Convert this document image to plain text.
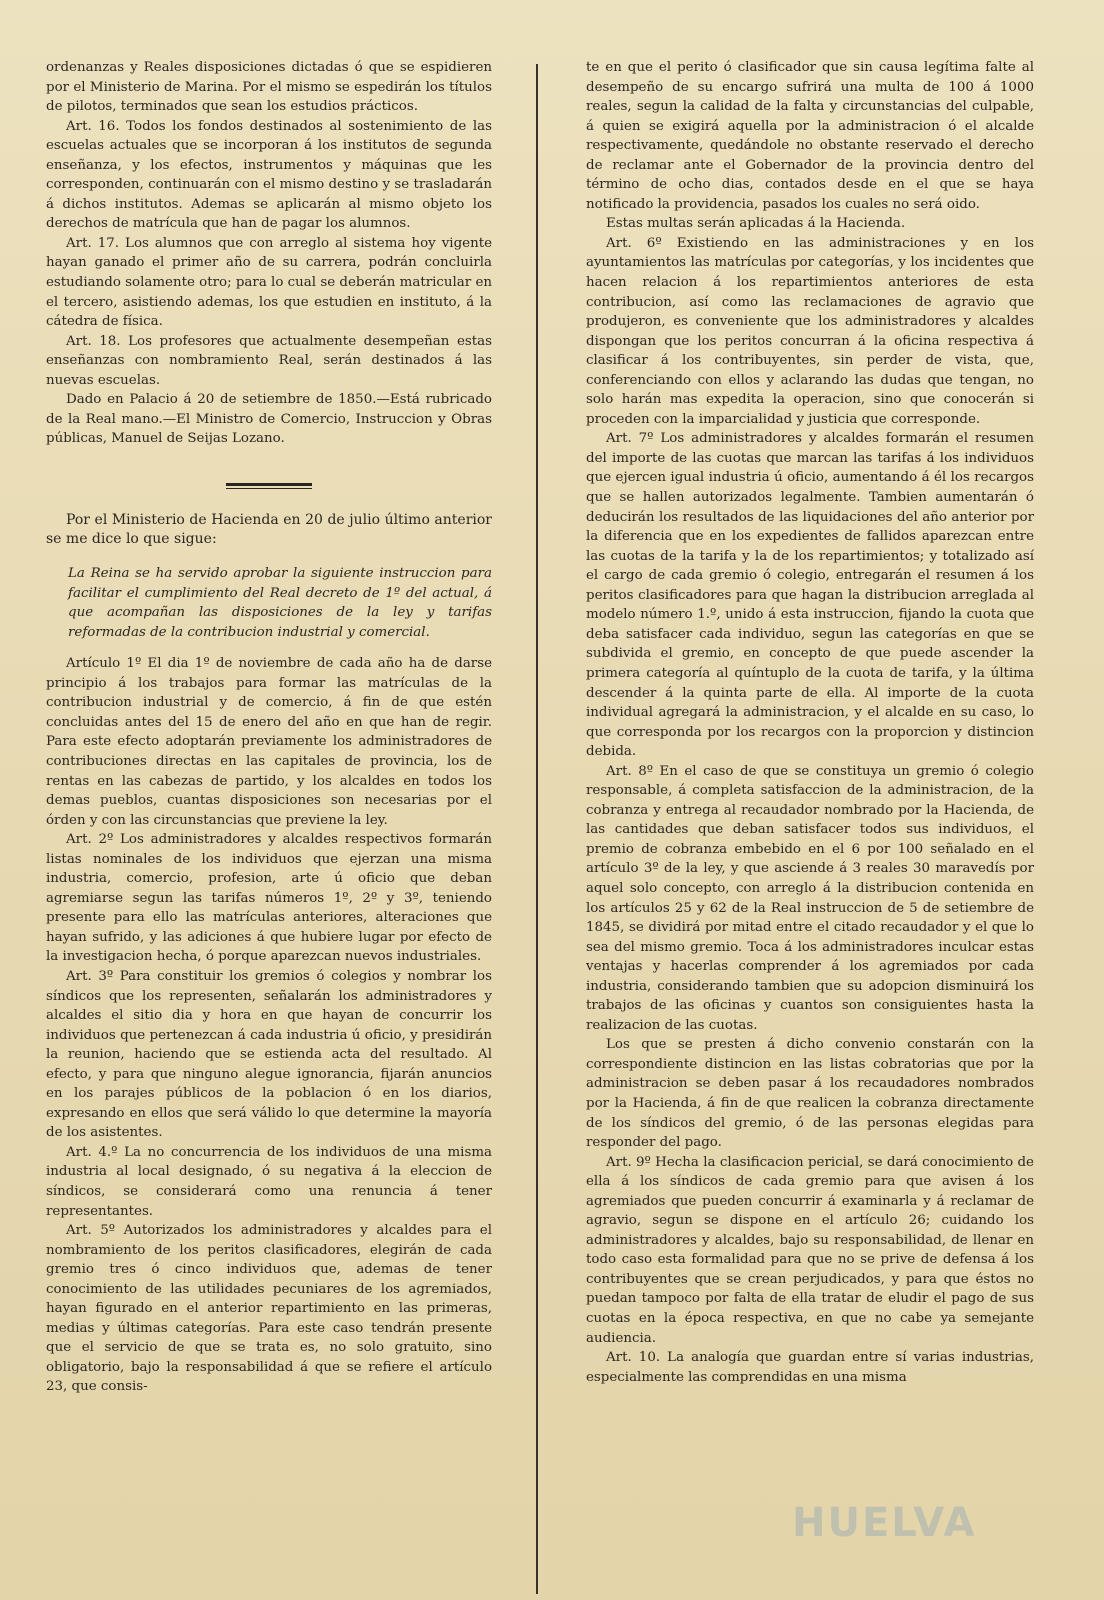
ordenanzas y Reales disposiciones dictadas ó que se espidieren por el Ministerio de Marina. Por el mismo se espedirán los títulos de pilotos, terminados que sean los estudios prácticos.

Art. 16. Todos los fondos destinados al sostenimiento de las escuelas actuales que se incorporan á los institutos de segunda enseñanza, y los efectos, instrumentos y máquinas que les corresponden, continuarán con el mismo destino y se trasladarán á dichos institutos. Ademas se aplicarán al mismo objeto los derechos de matrícula que han de pagar los alumnos.

Art. 17. Los alumnos que con arreglo al sistema hoy vigente hayan ganado el primer año de su carrera, podrán concluirla estudiando solamente otro; para lo cual se deberán matricular en el tercero, asistiendo ademas, los que estudien en instituto, á la cátedra de física.

Art. 18. Los profesores que actualmente desempeñan estas enseñanzas con nombramiento Real, serán destinados á las nuevas escuelas.

Dado en Palacio á 20 de setiembre de 1850.—Está rubricado de la Real mano.—El Ministro de Comercio, Instruccion y Obras públicas, Manuel de Seijas Lozano.

Por el Ministerio de Hacienda en 20 de julio último anterior se me dice lo que sigue:

La Reina se ha servido aprobar la siguiente instruccion para facilitar el cumplimiento del Real decreto de 1º del actual, á que acompañan las disposiciones de la ley y tarifas reformadas de la contribucion industrial y comercial.

Artículo 1º El dia 1º de noviembre de cada año ha de darse principio á los trabajos para formar las matrículas de la contribucion industrial y de comercio, á fin de que estén concluidas antes del 15 de enero del año en que han de regir. Para este efecto adoptarán previamente los administradores de contribuciones directas en las capitales de provincia, los de rentas en las cabezas de partido, y los alcaldes en todos los demas pueblos, cuantas disposiciones son necesarias por el órden y con las circunstancias que previene la ley.

Art. 2º Los administradores y alcaldes respectivos formarán listas nominales de los individuos que ejerzan una misma industria, comercio, profesion, arte ú oficio que deban agremiarse segun las tarifas números 1º, 2º y 3º, teniendo presente para ello las matrículas anteriores, alteraciones que hayan sufrido, y las adiciones á que hubiere lugar por efecto de la investigacion hecha, ó porque aparezcan nuevos industriales.

Art. 3º Para constituir los gremios ó colegios y nombrar los síndicos que los representen, señalarán los administradores y alcaldes el sitio dia y hora en que hayan de concurrir los individuos que pertenezcan á cada industria ú oficio, y presidirán la reunion, haciendo que se estienda acta del resultado. Al efecto, y para que ninguno alegue ignorancia, fijarán anuncios en los parajes públicos de la poblacion ó en los diarios, expresando en ellos que será válido lo que determine la mayoría de los asistentes.

Art. 4.º La no concurrencia de los individuos de una misma industria al local designado, ó su negativa á la eleccion de síndicos, se considerará como una renuncia á tener representantes.

Art. 5º Autorizados los administradores y alcaldes para el nombramiento de los peritos clasificadores, elegirán de cada gremio tres ó cinco individuos que, ademas de tener conocimiento de las utilidades pecuniares de los agremiados, hayan figurado en el anterior repartimiento en las primeras, medias y últimas categorías. Para este caso tendrán presente que el servicio de que se trata es, no solo gratuito, sino obligatorio, bajo la responsabilidad á que se refiere el artículo 23, que consis-

te en que el perito ó clasificador que sin causa legítima falte al desempeño de su encargo sufrirá una multa de 100 á 1000 reales, segun la calidad de la falta y circunstancias del culpable, á quien se exigirá aquella por la administracion ó el alcalde respectivamente, quedándole no obstante reservado el derecho de reclamar ante el Gobernador de la provincia dentro del término de ocho dias, contados desde en el que se haya notificado la providencia, pasados los cuales no será oido.

Estas multas serán aplicadas á la Hacienda.

Art. 6º Existiendo en las administraciones y en los ayuntamientos las matrículas por categorías, y los incidentes que hacen relacion á los repartimientos anteriores de esta contribucion, así como las reclamaciones de agravio que produjeron, es conveniente que los administradores y alcaldes dispongan que los peritos concurran á la oficina respectiva á clasificar á los contribuyentes, sin perder de vista, que, conferenciando con ellos y aclarando las dudas que tengan, no solo harán mas expedita la operacion, sino que conocerán si proceden con la imparcialidad y justicia que corresponde.

Art. 7º Los administradores y alcaldes formarán el resumen del importe de las cuotas que marcan las tarifas á los individuos que ejercen igual industria ú oficio, aumentando á él los recargos que se hallen autorizados legalmente. Tambien aumentarán ó deducirán los resultados de las liquidaciones del año anterior por la diferencia que en los expedientes de fallidos aparezcan entre las cuotas de la tarifa y la de los repartimientos; y totalizado así el cargo de cada gremio ó colegio, entregarán el resumen á los peritos clasificadores para que hagan la distribucion arreglada al modelo número 1.º, unido á esta instruccion, fijando la cuota que deba satisfacer cada individuo, segun las categorías en que se subdivida el gremio, en concepto de que puede ascender la primera categoría al quíntuplo de la cuota de tarifa, y la última descender á la quinta parte de ella. Al importe de la cuota individual agregará la administracion, y el alcalde en su caso, lo que corresponda por los recargos con la proporcion y distincion debida.

Art. 8º En el caso de que se constituya un gremio ó colegio responsable, á completa satisfaccion de la administracion, de la cobranza y entrega al recaudador nombrado por la Hacienda, de las cantidades que deban satisfacer todos sus individuos, el premio de cobranza embebido en el 6 por 100 señalado en el artículo 3º de la ley, y que asciende á 3 reales 30 maravedís por aquel solo concepto, con arreglo á la distribucion contenida en los artículos 25 y 62 de la Real instruccion de 5 de setiembre de 1845, se dividirá por mitad entre el citado recaudador y el que lo sea del mismo gremio. Toca á los administradores inculcar estas ventajas y hacerlas comprender á los agremiados por cada industria, considerando tambien que su adopcion disminuirá los trabajos de las oficinas y cuantos son consiguientes hasta la realizacion de las cuotas.

Los que se presten á dicho convenio constarán con la correspondiente distincion en las listas cobratorias que por la administracion se deben pasar á los recaudadores nombrados por la Hacienda, á fin de que realicen la cobranza directamente de los síndicos del gremio, ó de las personas elegidas para responder del pago.

Art. 9º Hecha la clasificacion pericial, se dará conocimiento de ella á los síndicos de cada gremio para que avisen á los agremiados que pueden concurrir á examinarla y á reclamar de agravio, segun se dispone en el artículo 26; cuidando los administradores y alcaldes, bajo su responsabilidad, de llenar en todo caso esta formalidad para que no se prive de defensa á los contribuyentes que se crean perjudicados, y para que éstos no puedan tampoco por falta de ella tratar de eludir el pago de sus cuotas en la época respectiva, en que no cabe ya semejante audiencia.

Art. 10. La analogía que guardan entre sí varias industrias, especialmente las comprendidas en una misma

HUELVA
